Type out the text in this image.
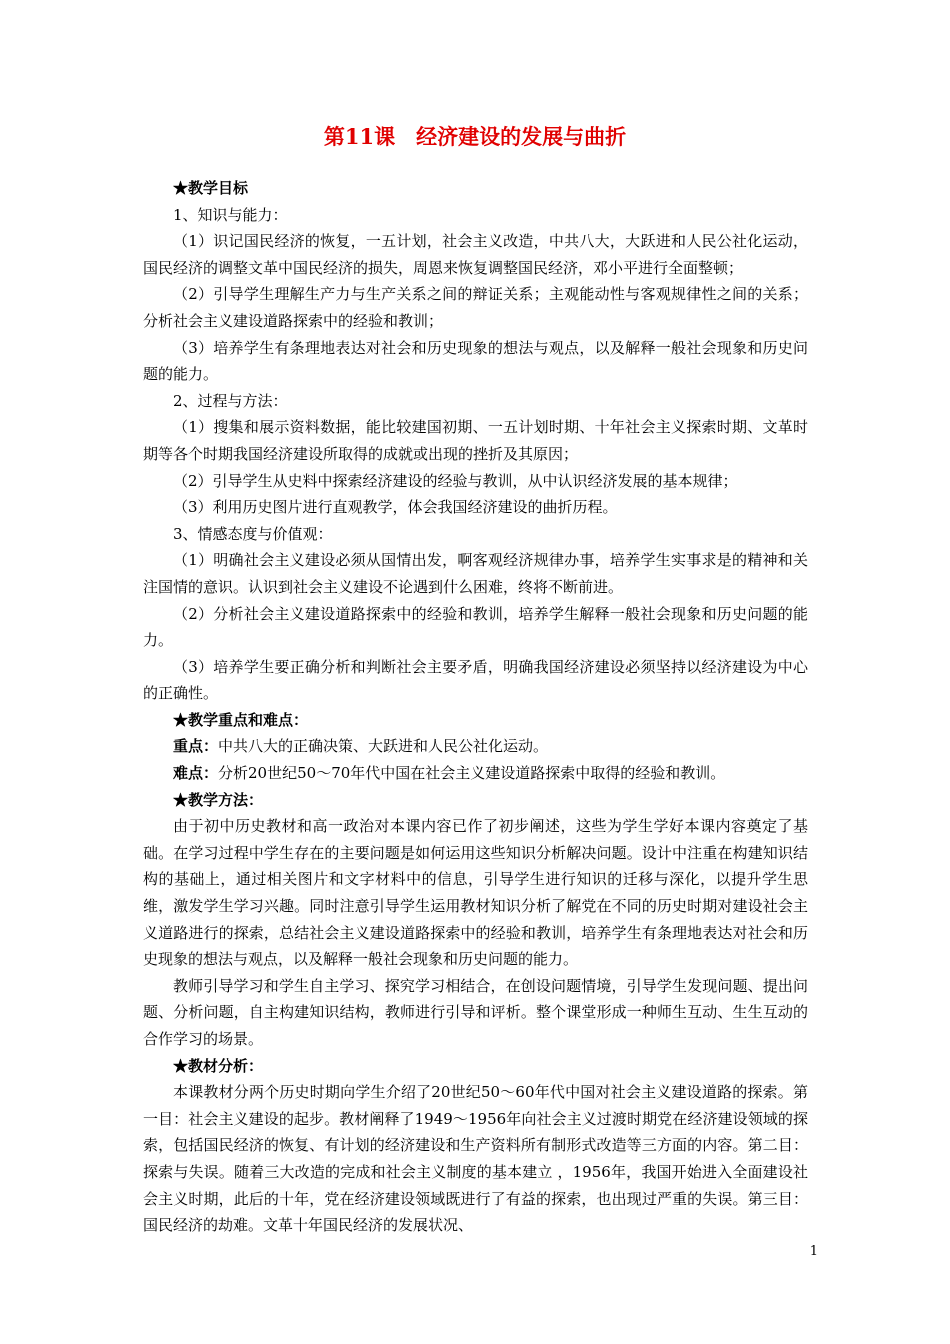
第11课　经济建设的发展与曲折

★教学目标

1、知识与能力：

（1）识记国民经济的恢复，一五计划，社会主义改造，中共八大，大跃进和人民公社化运动，国民经济的调整文革中国民经济的损失，周恩来恢复调整国民经济，邓小平进行全面整顿；

（2）引导学生理解生产力与生产关系之间的辩证关系；主观能动性与客观规律性之间的关系；分析社会主义建设道路探索中的经验和教训；

（3）培养学生有条理地表达对社会和历史现象的想法与观点，以及解释一般社会现象和历史问题的能力。

2、过程与方法：

（1）搜集和展示资料数据，能比较建国初期、一五计划时期、十年社会主义探索时期、文革时期等各个时期我国经济建设所取得的成就或出现的挫折及其原因；

（2）引导学生从史料中探索经济建设的经验与教训，从中认识经济发展的基本规律；

（3）利用历史图片进行直观教学，体会我国经济建设的曲折历程。

3、情感态度与价值观：

（1）明确社会主义建设必须从国情出发，啊客观经济规律办事，培养学生实事求是的精神和关注国情的意识。认识到社会主义建设不论遇到什么困难，终将不断前进。

（2）分析社会主义建设道路探索中的经验和教训，培养学生解释一般社会现象和历史问题的能力。

（3）培养学生要正确分析和判断社会主要矛盾，明确我国经济建设必须坚持以经济建设为中心的正确性。

★教学重点和难点：

重点：中共八大的正确决策、大跃进和人民公社化运动。

难点：分析20世纪50～70年代中国在社会主义建设道路探索中取得的经验和教训。

★教学方法：

由于初中历史教材和高一政治对本课内容已作了初步阐述，这些为学生学好本课内容奠定了基础。在学习过程中学生存在的主要问题是如何运用这些知识分析解决问题。设计中注重在构建知识结构的基础上，通过相关图片和文字材料中的信息，引导学生进行知识的迁移与深化，以提升学生思维，激发学生学习兴趣。同时注意引导学生运用教材知识分析了解党在不同的历史时期对建设社会主义道路进行的探索，总结社会主义建设道路探索中的经验和教训，培养学生有条理地表达对社会和历史现象的想法与观点，以及解释一般社会现象和历史问题的能力。

教师引导学习和学生自主学习、探究学习相结合，在创设问题情境，引导学生发现问题、提出问题、分析问题，自主构建知识结构，教师进行引导和评析。整个课堂形成一种师生互动、生生互动的合作学习的场景。

★教材分析：

本课教材分两个历史时期向学生介绍了20世纪50～60年代中国对社会主义建设道路的探索。第一目：社会主义建设的起步。教材阐释了1949～1956年向社会主义过渡时期党在经济建设领域的探索，包括国民经济的恢复、有计划的经济建设和生产资料所有制形式改造等三方面的内容。第二目：探索与失误。随着三大改造的完成和社会主义制度的基本建立 ，1956年，我国开始进入全面建设社会主义时期，此后的十年，党在经济建设领域既进行了有益的探索，也出现过严重的失误。第三目：国民经济的劫难。文革十年国民经济的发展状况、

1
